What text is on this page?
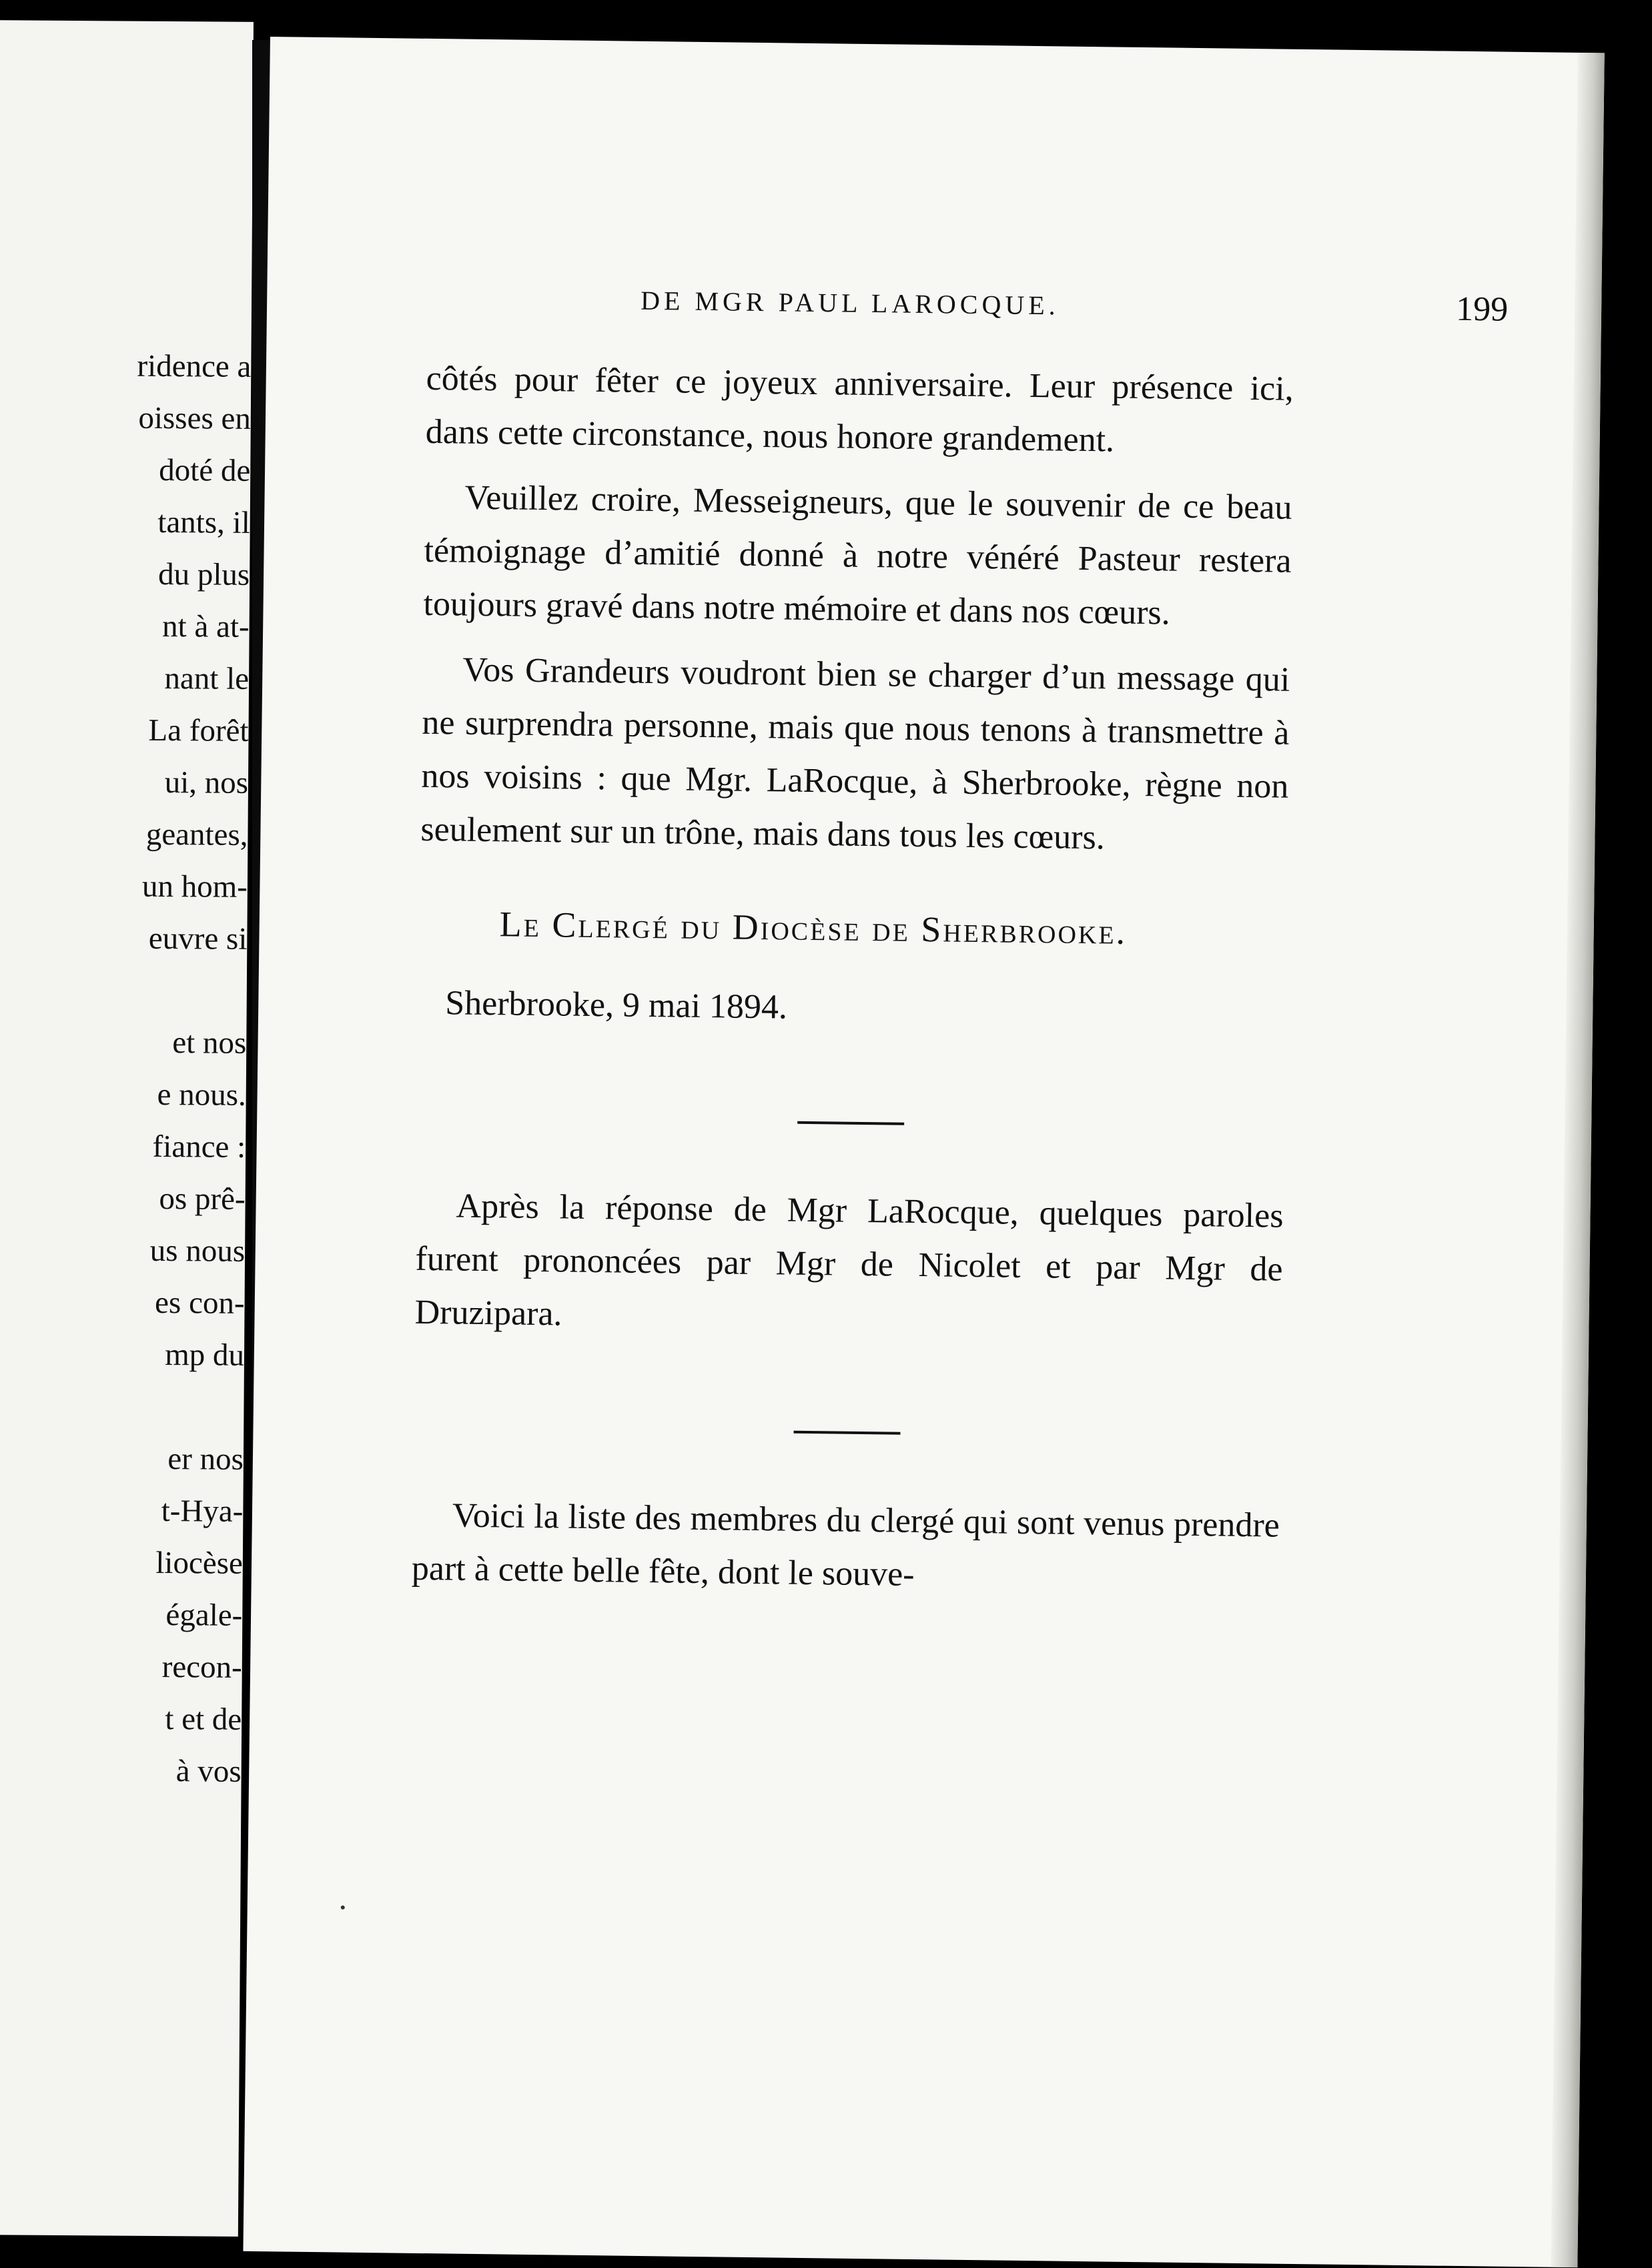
ridence a
oisses en
doté de
tants, il
du plus
nt à at-
nant le
La forêt
ui, nos
geantes,
un hom-
euvre si
et nos
e nous.
fiance :
os prê-
us nous
es con-
mp du
er nos
t-Hya-
liocèse
égale-
recon-
t et de
à vos
DE MGR PAUL LAROCQUE.	199

côtés pour fêter ce joyeux anniversaire. Leur présence ici, dans cette circonstance, nous honore grandement.

Veuillez croire, Messeigneurs, que le souvenir de ce beau témoignage d’amitié donné à notre vénéré Pasteur restera toujours gravé dans notre mémoire et dans nos cœurs.

Vos Grandeurs voudront bien se charger d’un message qui ne surprendra personne, mais que nous tenons à transmettre à nos voisins : que Mgr. LaRocque, à Sherbrooke, règne non seulement sur un trône, mais dans tous les cœurs.

Le Clergé du Diocèse de Sherbrooke.
Sherbrooke, 9 mai 1894.

Après la réponse de Mgr LaRocque, quelques paroles furent prononcées par Mgr de Nicolet et par Mgr de Druzipara.

Voici la liste des membres du clergé qui sont venus prendre part à cette belle fête, dont le souve-
